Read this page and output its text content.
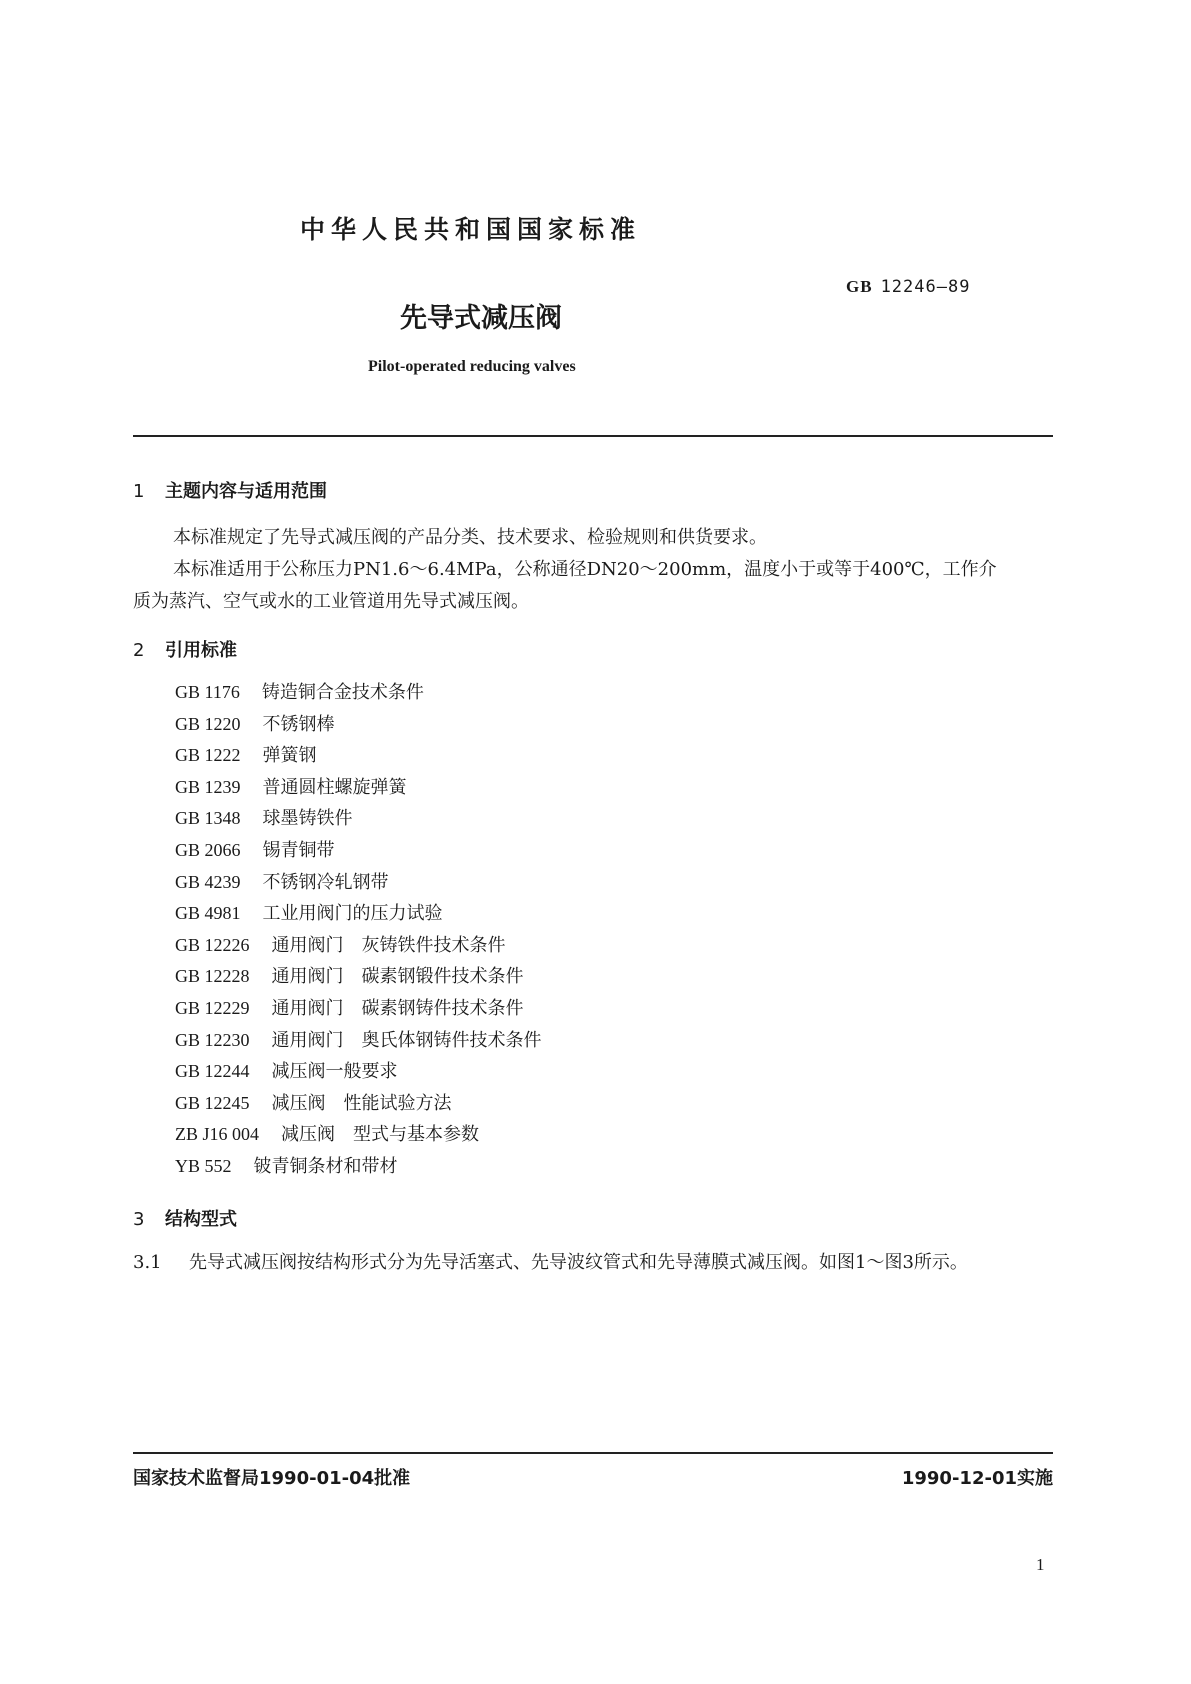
中华人民共和国国家标准
GB 12246—89
先导式减压阀
Pilot-operated reducing valves
1 主题内容与适用范围
本标准规定了先导式减压阀的产品分类、技术要求、检验规则和供货要求。
本标准适用于公称压力PN1.6～6.4MPa，公称通径DN20～200mm，温度小于或等于400℃，工作介
质为蒸汽、空气或水的工业管道用先导式减压阀。
2 引用标准
GB 1176 铸造铜合金技术条件
GB 1220 不锈钢棒
GB 1222 弹簧钢
GB 1239 普通圆柱螺旋弹簧
GB 1348 球墨铸铁件
GB 2066 锡青铜带
GB 4239 不锈钢冷轧钢带
GB 4981 工业用阀门的压力试验
GB 12226 通用阀门　灰铸铁件技术条件
GB 12228 通用阀门　碳素钢锻件技术条件
GB 12229 通用阀门　碳素钢铸件技术条件
GB 12230 通用阀门　奥氏体钢铸件技术条件
GB 12244 减压阀一般要求
GB 12245 减压阀　性能试验方法
ZB J16 004 减压阀　型式与基本参数
YB 552 铍青铜条材和带材
3 结构型式
3.1 先导式减压阀按结构形式分为先导活塞式、先导波纹管式和先导薄膜式减压阀。如图1～图3所示。
国家技术监督局1990-01-04批准	1990-12-01实施
1
